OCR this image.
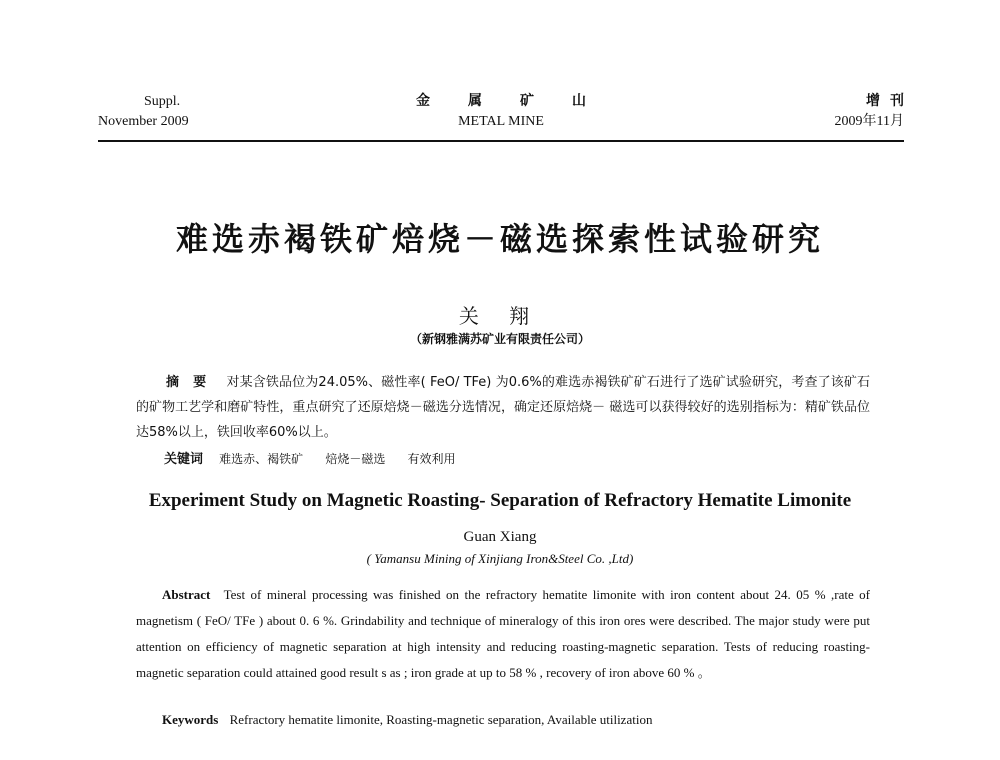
Suppl.
November 2009
金属矿山
METAL MINE
增刊
2009年11月
难选赤褐铁矿焙烧－磁选探索性试验研究
关 翔
（新钢雅满苏矿业有限责任公司）
摘要 对某含铁品位为24.05%、磁性率( FeO/ TFe) 为0.6%的难选赤褐铁矿矿石进行了选矿试验研究，考查了该矿石的矿物工艺学和磨矿特性，重点研究了还原焙烧－磁选分选情况，确定还原焙烧－ 磁选可以获得较好的选别指标为：精矿铁品位达58%以上，铁回收率60%以上。
关键词 难选赤、褐铁矿 焙烧－磁选 有效利用
Experiment Study on Magnetic Roasting- Separation of Refractory Hematite Limonite
Guan Xiang
( Yamansu Mining of Xinjiang Iron&Steel Co. ,Ltd)
Abstract Test of mineral processing was finished on the refractory hematite limonite with iron content about 24. 05 % ,rate of magnetism ( FeO/ TFe ) about 0. 6 %. Grindability and technique of mineralogy of this iron ores were described. The major study were put attention on efficiency of magnetic separation at high intensity and reducing roasting-magnetic separation. Tests of reducing roasting- magnetic separation could attained good result s as ; iron grade at up to 58 % , recovery of iron above 60 % 。
Keywords Refractory hematite limonite, Roasting-magnetic separation, Available utilization
